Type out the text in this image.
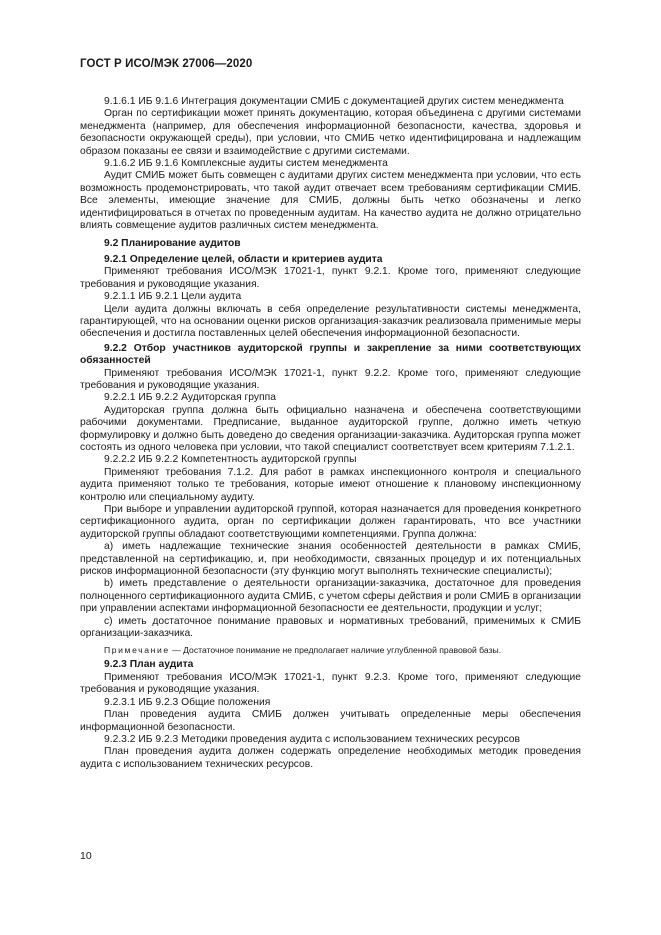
ГОСТ Р ИСО/МЭК 27006—2020

9.1.6.1 ИБ 9.1.6 Интеграция документации СМИБ с документацией других систем менеджмента

Орган по сертификации может принять документацию, которая объединена с другими системами менеджмента (например, для обеспечения информационной безопасности, качества, здоровья и безопасности окружающей среды), при условии, что СМИБ четко идентифицирована и надлежащим образом показаны ее связи и взаимодействие с другими системами.

9.1.6.2 ИБ 9.1.6 Комплексные аудиты систем менеджмента

Аудит СМИБ может быть совмещен с аудитами других систем менеджмента при условии, что есть возможность продемонстрировать, что такой аудит отвечает всем требованиям сертификации СМИБ. Все элементы, имеющие значение для СМИБ, должны быть четко обозначены и легко идентифицироваться в отчетах по проведенным аудитам. На качество аудита не должно отрицательно влиять совмещение аудитов различных систем менеджмента.

9.2 Планирование аудитов

9.2.1 Определение целей, области и критериев аудита

Применяют требования ИСО/МЭК 17021-1, пункт 9.2.1. Кроме того, применяют следующие требования и руководящие указания.

9.2.1.1 ИБ 9.2.1 Цели аудита

Цели аудита должны включать в себя определение результативности системы менеджмента, гарантирующей, что на основании оценки рисков организация-заказчик реализовала применимые меры обеспечения и достигла поставленных целей обеспечения информационной безопасности.

9.2.2 Отбор участников аудиторской группы и закрепление за ними соответствующих обязанностей

Применяют требования ИСО/МЭК 17021-1, пункт 9.2.2. Кроме того, применяют следующие требования и руководящие указания.

9.2.2.1 ИБ 9.2.2 Аудиторская группа

Аудиторская группа должна быть официально назначена и обеспечена соответствующими рабочими документами. Предписание, выданное аудиторской группе, должно иметь четкую формулировку и должно быть доведено до сведения организации-заказчика. Аудиторская группа может состоять из одного человека при условии, что такой специалист соответствует всем критериям 7.1.2.1.

9.2.2.2 ИБ 9.2.2 Компетентность аудиторской группы

Применяют требования 7.1.2. Для работ в рамках инспекционного контроля и специального аудита применяют только те требования, которые имеют отношение к плановому инспекционному контролю или специальному аудиту.

При выборе и управлении аудиторской группой, которая назначается для проведения конкретного сертификационного аудита, орган по сертификации должен гарантировать, что все участники аудиторской группы обладают соответствующими компетенциями. Группа должна:

a) иметь надлежащие технические знания особенностей деятельности в рамках СМИБ, представленной на сертификацию, и, при необходимости, связанных процедур и их потенциальных рисков информационной безопасности (эту функцию могут выполнять технические специалисты);

b) иметь представление о деятельности организации-заказчика, достаточное для проведения полноценного сертификационного аудита СМИБ, с учетом сферы действия и роли СМИБ в организации при управлении аспектами информационной безопасности ее деятельности, продукции и услуг;

c) иметь достаточное понимание правовых и нормативных требований, применимых к СМИБ организации-заказчика.

Примечание — Достаточное понимание не предполагает наличие углубленной правовой базы.

9.2.3 План аудита

Применяют требования ИСО/МЭК 17021-1, пункт 9.2.3. Кроме того, применяют следующие требования и руководящие указания.

9.2.3.1 ИБ 9.2.3 Общие положения

План проведения аудита СМИБ должен учитывать определенные меры обеспечения информационной безопасности.

9.2.3.2 ИБ 9.2.3 Методики проведения аудита с использованием технических ресурсов

План проведения аудита должен содержать определение необходимых методик проведения аудита с использованием технических ресурсов.

10
